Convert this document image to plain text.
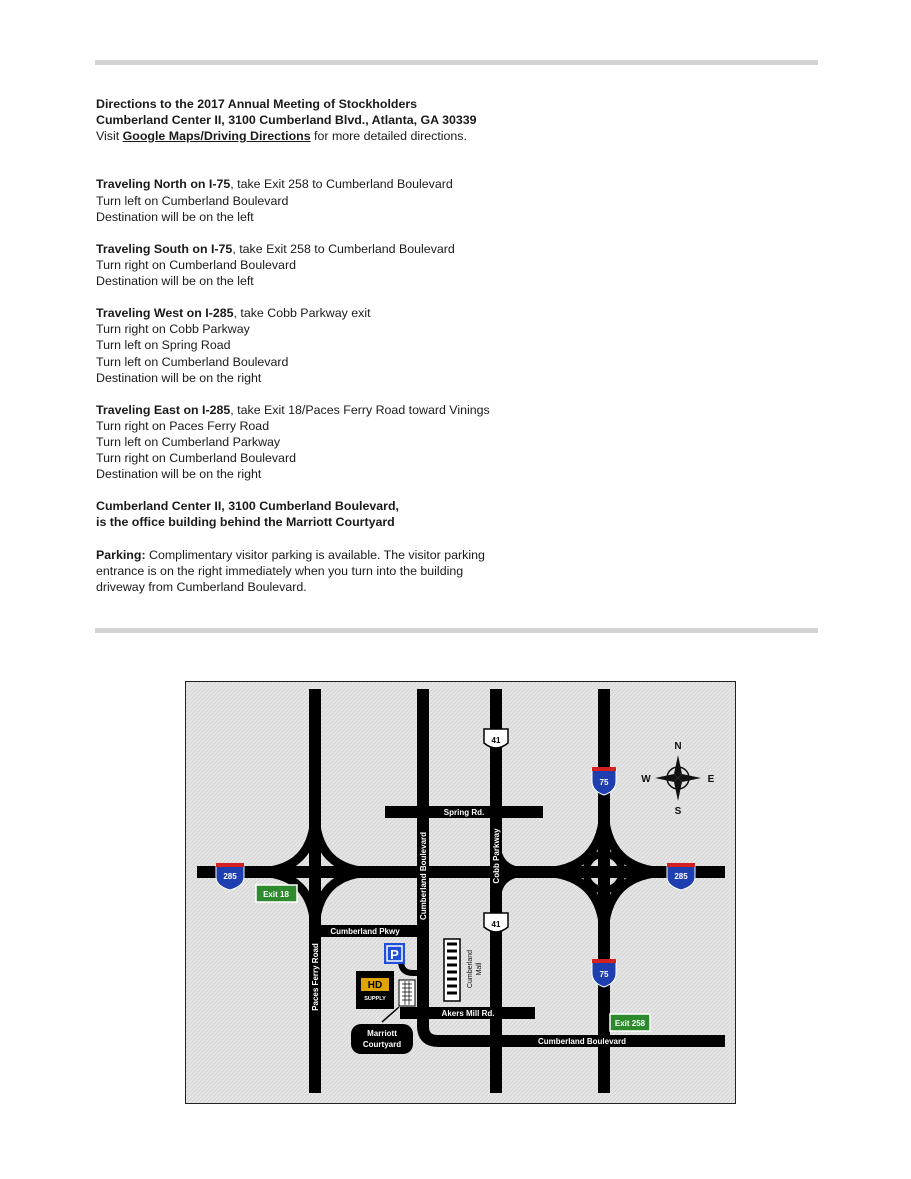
Directions to the 2017 Annual Meeting of Stockholders
Cumberland Center II, 3100 Cumberland Blvd., Atlanta, GA 30339
Visit Google Maps/Driving Directions for more detailed directions.
Traveling North on I-75, take Exit 258 to Cumberland Boulevard
Turn left on Cumberland Boulevard
Destination will be on the left
Traveling South on I-75, take Exit 258 to Cumberland Boulevard
Turn right on Cumberland Boulevard
Destination will be on the left
Traveling West on I-285, take Cobb Parkway exit
Turn right on Cobb Parkway
Turn left on Spring Road
Turn left on Cumberland Boulevard
Destination will be on the right
Traveling East on I-285, take Exit 18/Paces Ferry Road toward Vinings
Turn right on Paces Ferry Road
Turn left on Cumberland Parkway
Turn right on Cumberland Boulevard
Destination will be on the right
Cumberland Center II, 3100 Cumberland Boulevard,
is the office building behind the Marriott Courtyard
Parking: Complimentary visitor parking is available. The visitor parking
entrance is on the right immediately when you turn into the building
driveway from Cumberland Boulevard.
Spring Rd.
Cumberland Boulevard	Cobb Parkway
Cumberland Pkwy
Paces Ferry Road
Akers Mill Rd.
Cumberland Boulevard
41
41
75
75
285	285
Exit 18
Exit 258
N
S
E
W
P
HD
SUPPLY
Cumberland Mall
Marriott
Courtyard
